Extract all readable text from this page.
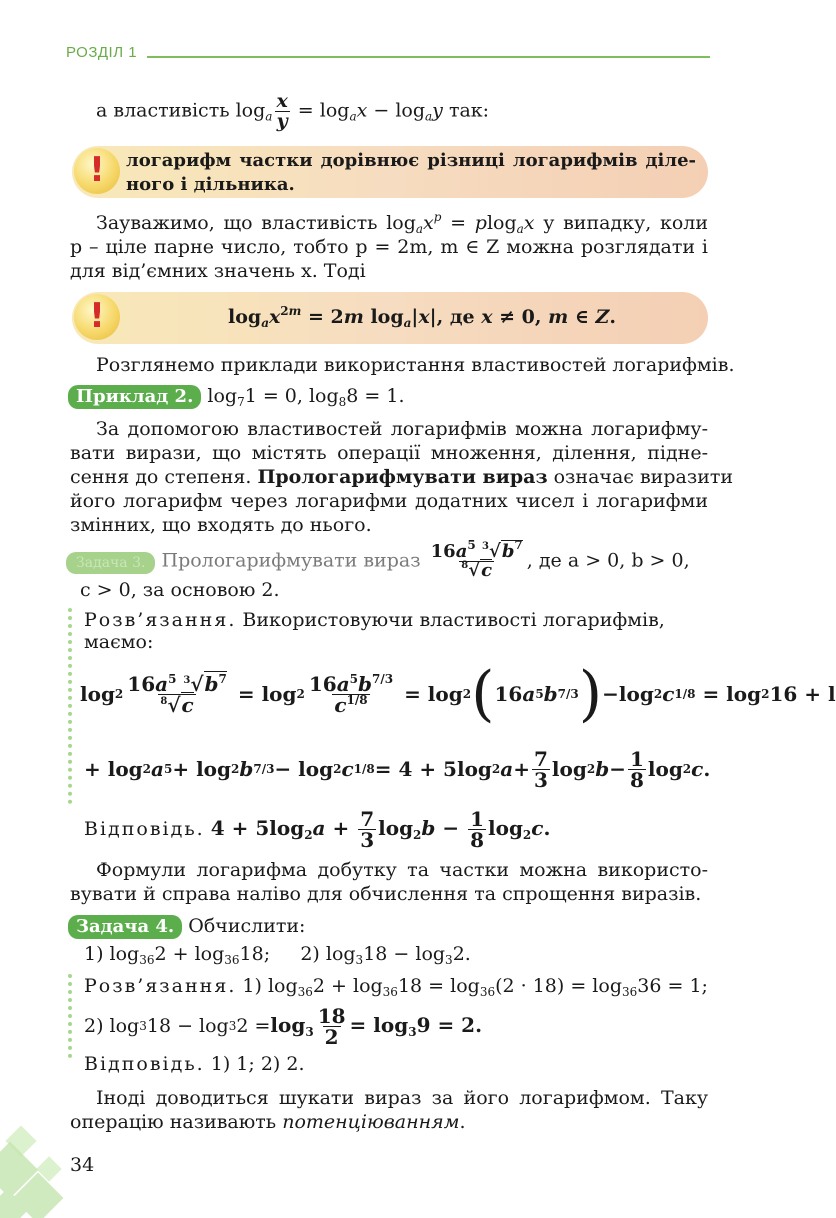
РОЗДІЛ 1
а властивість $\log_a \frac{x}{y} = \log_ax - \log_ay$ так:
!	логарифм частки дорівнює різниці логарифмів діле-
ного і дільника.
Зауважимо, що властивість $\log_ax^p = plog_ax$ у випадку, коли
p – ціле парне число, тобто p = 2m, m ∈ Z можна розглядати і
для від’ємних значень x. Тоді
!	$\log_ax^{2m} = 2m$ $\log_a|x|$, де x ≠ 0, m ∈ Z.
Розглянемо приклади використання властивостей логарифмів.
Приклад 2. $\log_71 = 0$, $\log_88 = 1$.
За допомогою властивостей логарифмів можна логарифму-
вати вирази, що містять операції множення, ділення, підне-
сення до степеня. Прологарифмувати вираз означає виразити
його логарифм через логарифми додатних чисел і логарифми
змінних, що входять до нього.
Задача 3. Прологарифмувати вираз $\frac{16a^5 ^3√b^7}{^8√c}$ , де a > 0, b > 0,
c > 0, за основою 2.
Розв’язання. Використовуючи властивості логарифмів,
маємо:
$\log 2 \frac{16a^5 ^3√b^7}{^8√c} = \log 2 \frac{16a^5b^{7/3}}{c^{1/8}} = \log 2$ ( 16 a 5 b 7/3 ) −log 2 c 1/8 = log 2 16 + l
+ log 2 a 5 + log 2 b 7/3 − log 2 c 1/8 = 4 + 5log 2 $a + \frac{7}{3}$ log 2 $b - \frac{1}{8}$ log 2 c .
Відповідь.
$4 + 5\log_2a + \frac{7}{3} \log_2b - \frac{1}{8} \log_2c$.
Формули логарифма добутку та частки можна використо-
вувати й справа наліво для обчислення та спрощення виразів.
Задача 4. Обчислити:
1) $\log_{36}2 + \log_{36}18$;     2) $\log_318 - \log_32$.
Розв’язання. 1) $\log_{36}2 + \log_{36}18 = \log_{36}(2 \cdot 18) = \log_{36}36 = 1$;
2) log 3 18 − log 3 $2 = \log_3 \frac{18}{2} = \log_39 = 2$.
Відповідь. 1) 1; 2) 2.
Іноді доводиться шукати вираз за його логарифмом. Таку
операцію називають потенціюванням.
34
